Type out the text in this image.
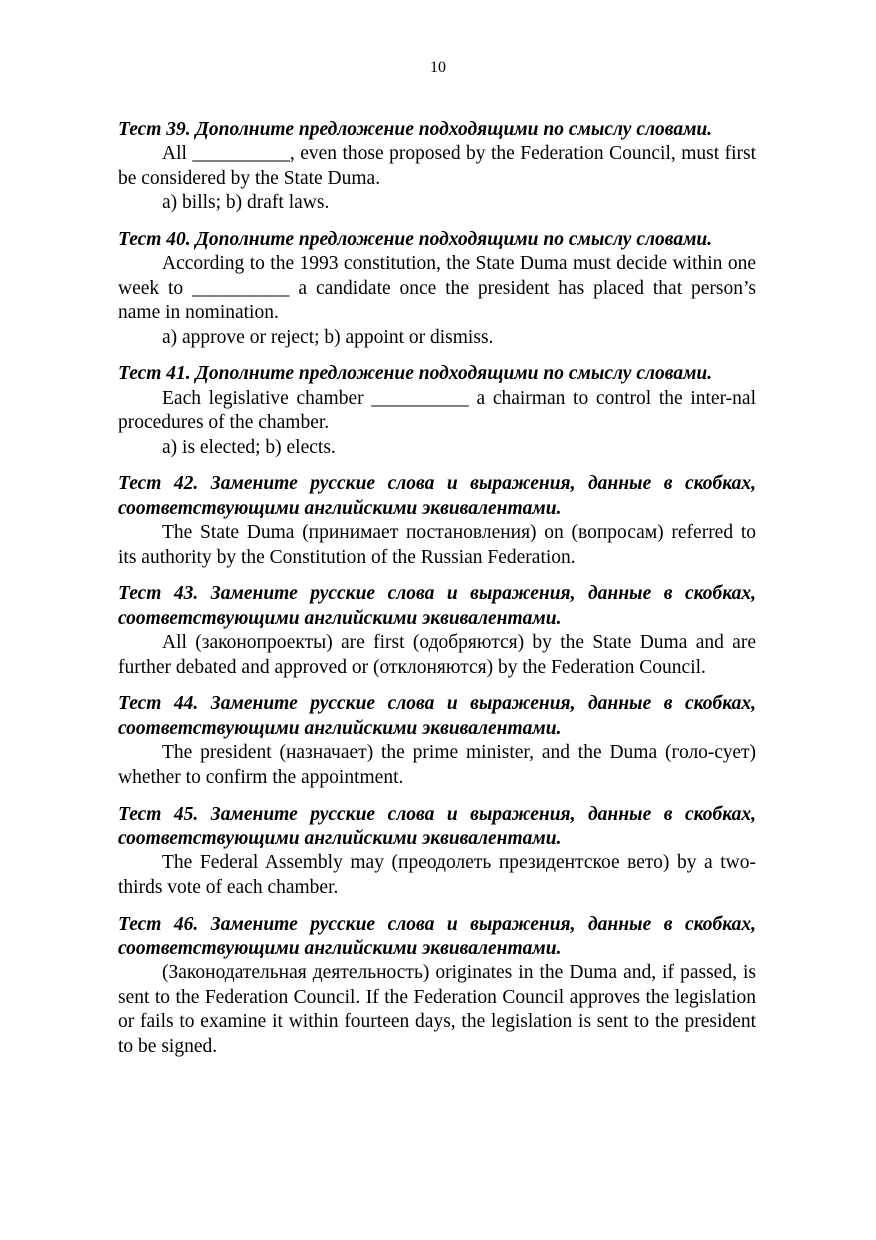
10
Тест 39. Дополните предложение подходящими по смыслу словами.
All __________, even those proposed by the Federation Council, must first be considered by the State Duma.
a) bills; b) draft laws.
Тест 40. Дополните предложение подходящими по смыслу словами.
According to the 1993 constitution, the State Duma must decide within one week to __________ a candidate once the president has placed that person’s name in nomination.
a) approve or reject; b) appoint or dismiss.
Тест 41. Дополните предложение подходящими по смыслу словами.
Each legislative chamber __________ a chairman to control the inter-nal procedures of the chamber.
a) is elected; b) elects.
Тест 42. Замените русские слова и выражения, данные в скобках, соответствующими английскими эквивалентами.
The State Duma (принимает постановления) on (вопросам) referred to its authority by the Constitution of the Russian Federation.
Тест 43. Замените русские слова и выражения, данные в скобках, соответствующими английскими эквивалентами.
All (законопроекты) are first (одобряются) by the State Duma and are further debated and approved or (отклоняются) by the Federation Council.
Тест 44. Замените русские слова и выражения, данные в скобках, соответствующими английскими эквивалентами.
The president (назначает) the prime minister, and the Duma (голо-сует) whether to confirm the appointment.
Тест 45. Замените русские слова и выражения, данные в скобках, соответствующими английскими эквивалентами.
The Federal Assembly may (преодолеть президентское вето) by a two-thirds vote of each chamber.
Тест 46. Замените русские слова и выражения, данные в скобках, соответствующими английскими эквивалентами.
(Законодательная деятельность) originates in the Duma and, if passed, is sent to the Federation Council. If the Federation Council approves the legislation or fails to examine it within fourteen days, the legislation is sent to the president to be signed.
